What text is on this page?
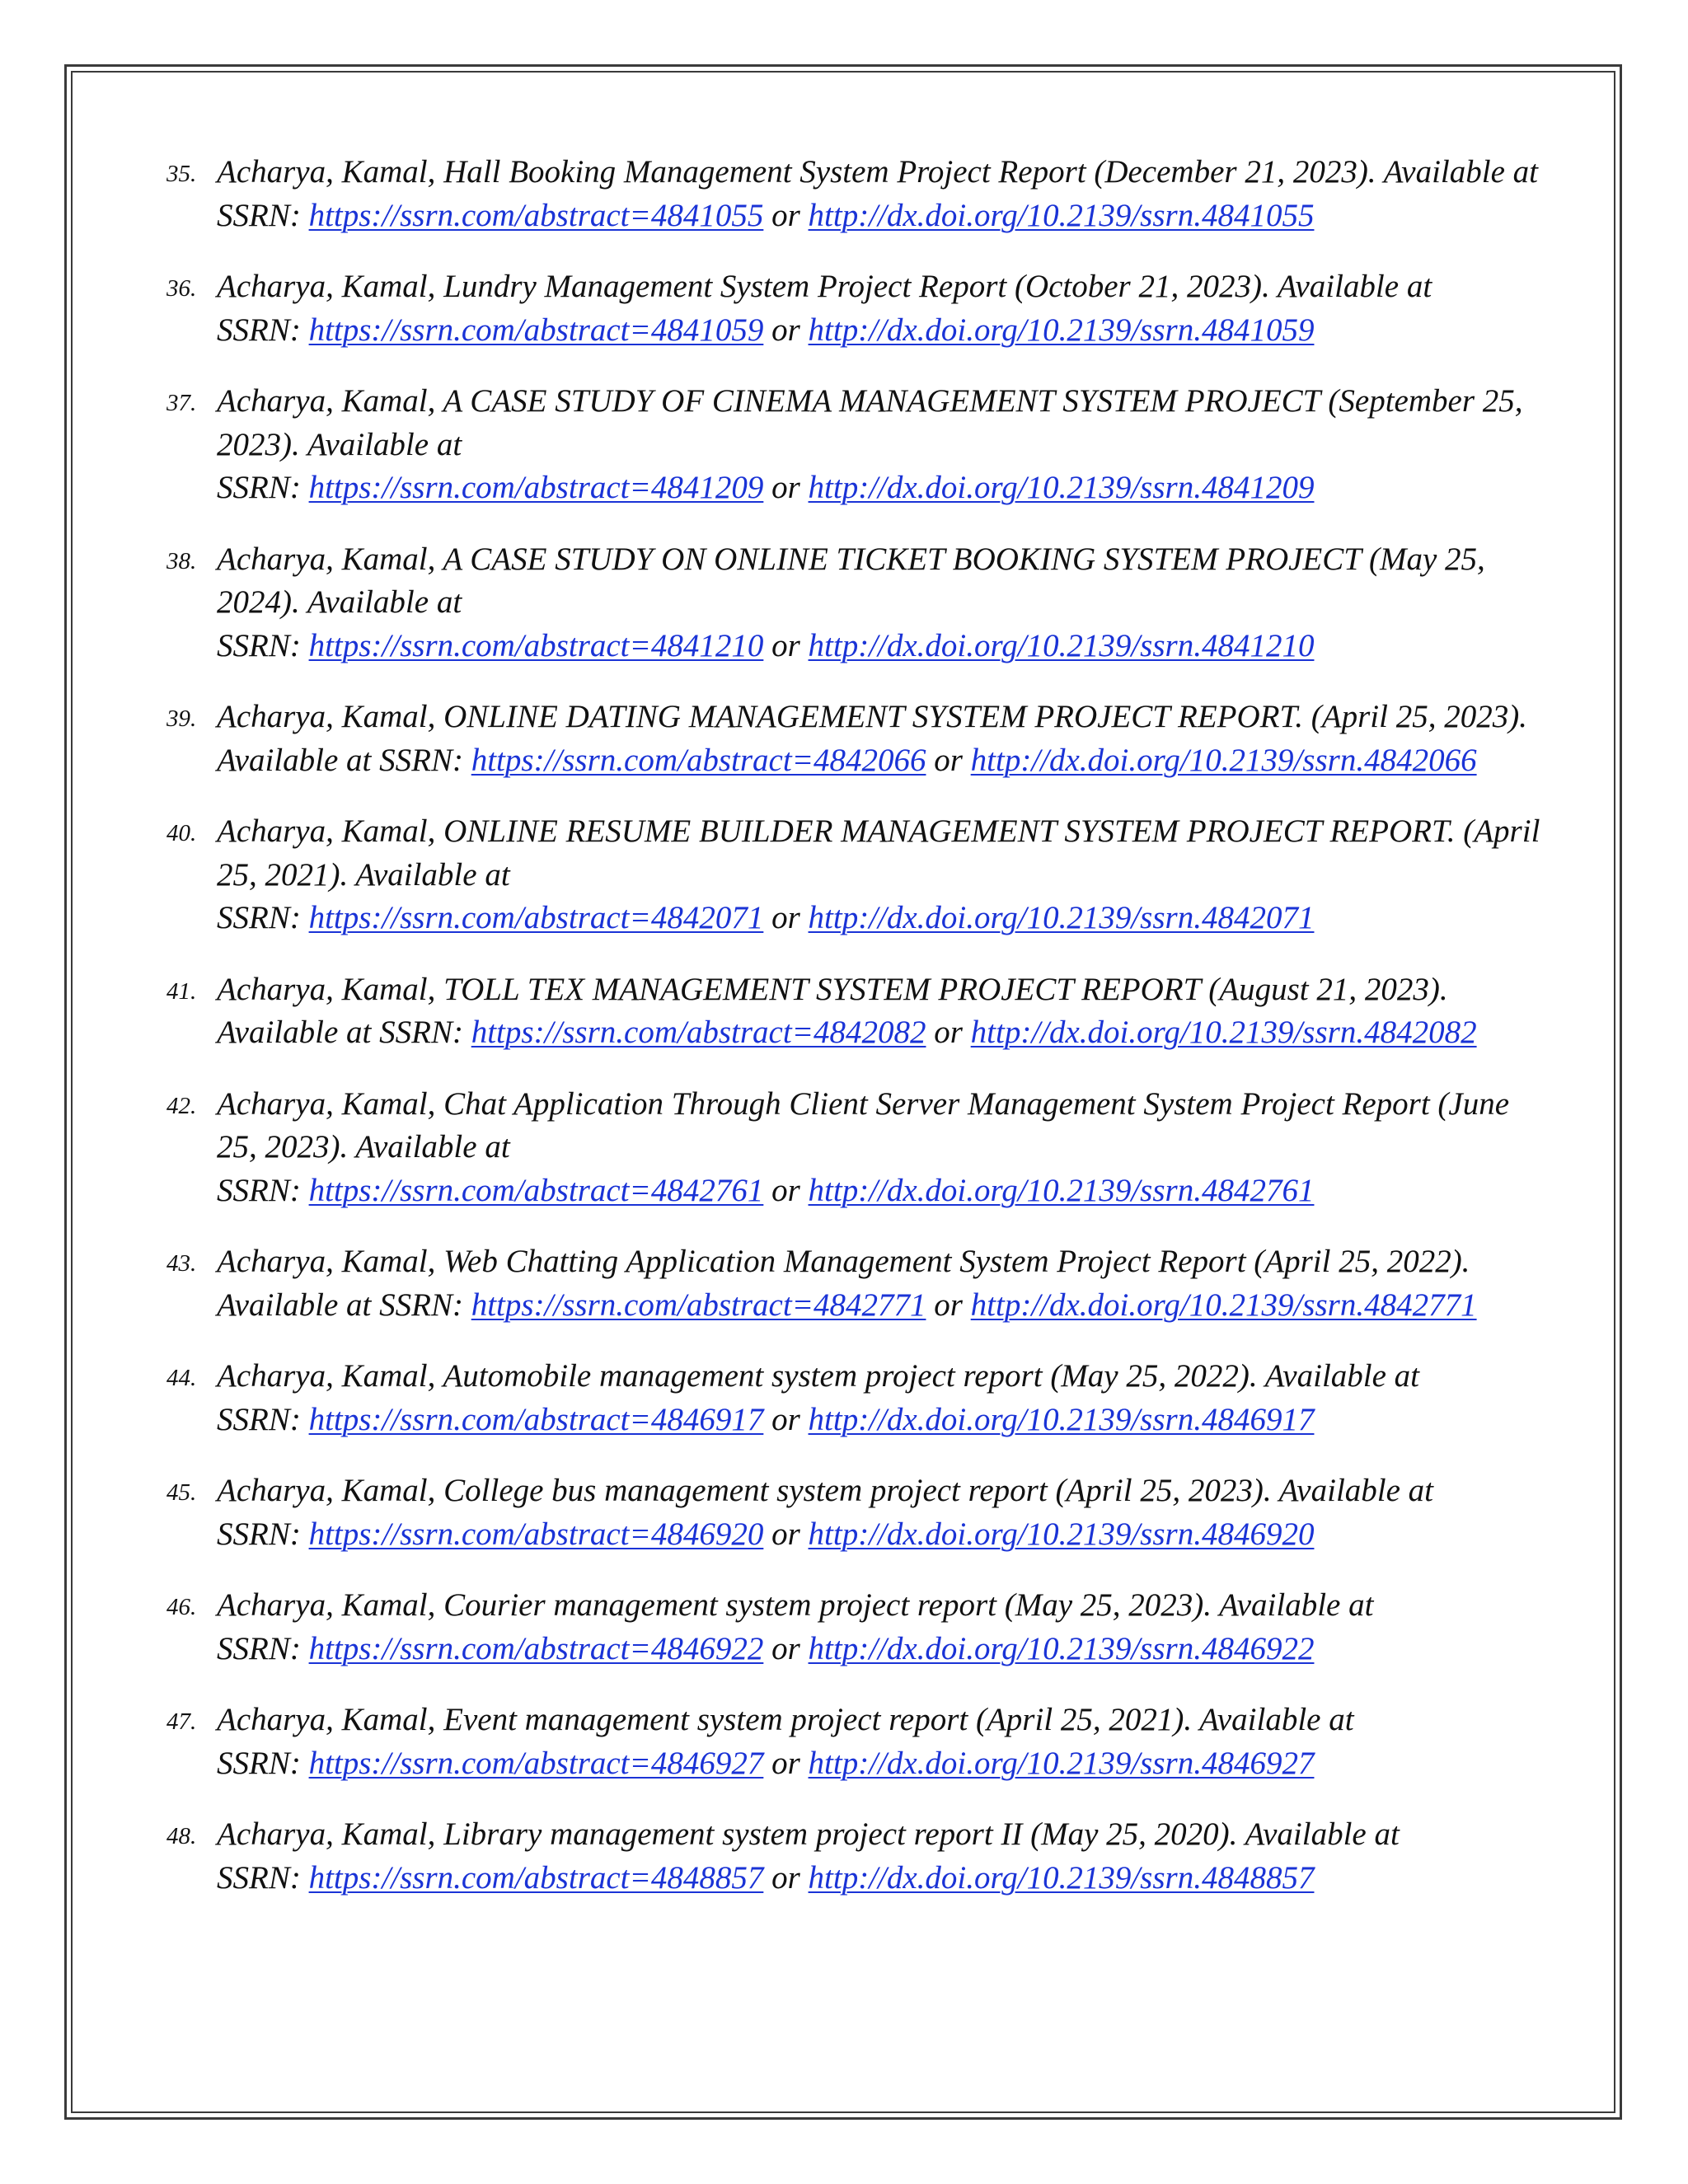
35. Acharya, Kamal, Hall Booking Management System Project Report (December 21, 2023). Available at
SSRN: https://ssrn.com/abstract=4841055 or http://dx.doi.org/10.2139/ssrn.4841055
36. Acharya, Kamal, Lundry Management System Project Report (October 21, 2023). Available at
SSRN: https://ssrn.com/abstract=4841059 or http://dx.doi.org/10.2139/ssrn.4841059
37. Acharya, Kamal, A CASE STUDY OF CINEMA MANAGEMENT SYSTEM PROJECT (September 25,
2023). Available at
SSRN: https://ssrn.com/abstract=4841209 or http://dx.doi.org/10.2139/ssrn.4841209
38. Acharya, Kamal, A CASE STUDY ON ONLINE TICKET BOOKING SYSTEM PROJECT (May 25,
2024). Available at
SSRN: https://ssrn.com/abstract=4841210 or http://dx.doi.org/10.2139/ssrn.4841210
39. Acharya, Kamal, ONLINE DATING MANAGEMENT SYSTEM PROJECT REPORT. (April 25, 2023).
Available at SSRN: https://ssrn.com/abstract=4842066 or http://dx.doi.org/10.2139/ssrn.4842066
40. Acharya, Kamal, ONLINE RESUME BUILDER MANAGEMENT SYSTEM PROJECT REPORT. (April
25, 2021). Available at
SSRN: https://ssrn.com/abstract=4842071 or http://dx.doi.org/10.2139/ssrn.4842071
41. Acharya, Kamal, TOLL TEX MANAGEMENT SYSTEM PROJECT REPORT (August 21, 2023).
Available at SSRN: https://ssrn.com/abstract=4842082 or http://dx.doi.org/10.2139/ssrn.4842082
42. Acharya, Kamal, Chat Application Through Client Server Management System Project Report (June
25, 2023). Available at
SSRN: https://ssrn.com/abstract=4842761 or http://dx.doi.org/10.2139/ssrn.4842761
43. Acharya, Kamal, Web Chatting Application Management System Project Report (April 25, 2022).
Available at SSRN: https://ssrn.com/abstract=4842771 or http://dx.doi.org/10.2139/ssrn.4842771
44. Acharya, Kamal, Automobile management system project report (May 25, 2022). Available at
SSRN: https://ssrn.com/abstract=4846917 or http://dx.doi.org/10.2139/ssrn.4846917
45. Acharya, Kamal, College bus management system project report (April 25, 2023). Available at
SSRN: https://ssrn.com/abstract=4846920 or http://dx.doi.org/10.2139/ssrn.4846920
46. Acharya, Kamal, Courier management system project report (May 25, 2023). Available at
SSRN: https://ssrn.com/abstract=4846922 or http://dx.doi.org/10.2139/ssrn.4846922
47. Acharya, Kamal, Event management system project report (April 25, 2021). Available at
SSRN: https://ssrn.com/abstract=4846927 or http://dx.doi.org/10.2139/ssrn.4846927
48. Acharya, Kamal, Library management system project report II (May 25, 2020). Available at
SSRN: https://ssrn.com/abstract=4848857 or http://dx.doi.org/10.2139/ssrn.4848857
